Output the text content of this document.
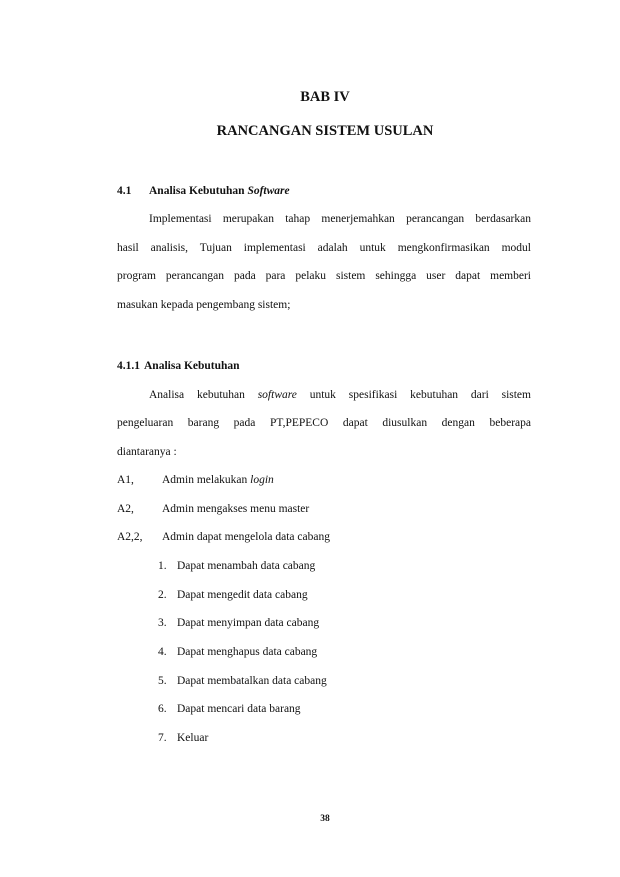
BAB IV
RANCANGAN SISTEM USULAN
4.1 Analisa Kebutuhan Software
Implementasi merupakan tahap menerjemahkan perancangan berdasarkan
hasil analisis, Tujuan implementasi adalah untuk mengkonfirmasikan modul
program perancangan pada para pelaku sistem sehingga user dapat memberi
masukan kepada pengembang sistem;
4.1.1 Analisa Kebutuhan
Analisa kebutuhan software untuk spesifikasi kebutuhan dari sistem
pengeluaran barang pada PT,PEPECO dapat diusulkan dengan beberapa
diantaranya :
A1, Admin melakukan login
A2, Admin mengakses menu master
A2,2, Admin dapat mengelola data cabang
1. Dapat menambah data cabang
2. Dapat mengedit data cabang
3. Dapat menyimpan data cabang
4. Dapat menghapus data cabang
5. Dapat membatalkan data cabang
6. Dapat mencari data barang
7. Keluar
38
